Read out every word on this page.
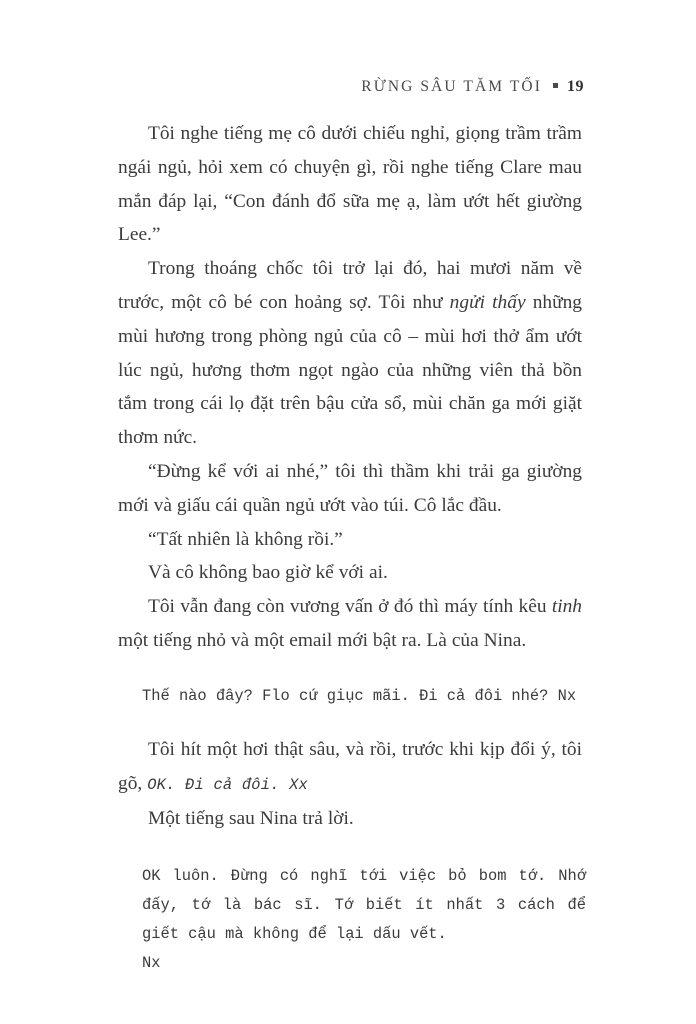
RỪNG SÂU TĂM TỐI 19

Tôi nghe tiếng mẹ cô dưới chiếu nghỉ, giọng trầm trầm ngái ngủ, hỏi xem có chuyện gì, rồi nghe tiếng Clare mau mắn đáp lại, “Con đánh đổ sữa mẹ ạ, làm ướt hết giường Lee.”

Trong thoáng chốc tôi trở lại đó, hai mươi năm về trước, một cô bé con hoảng sợ. Tôi như ngửi thấy những mùi hương trong phòng ngủ của cô – mùi hơi thở ẩm ướt lúc ngủ, hương thơm ngọt ngào của những viên thả bồn tắm trong cái lọ đặt trên bậu cửa sổ, mùi chăn ga mới giặt thơm nức.

“Đừng kể với ai nhé,” tôi thì thầm khi trải ga giường mới và giấu cái quần ngủ ướt vào túi. Cô lắc đầu.

“Tất nhiên là không rồi.”

Và cô không bao giờ kể với ai.

Tôi vẫn đang còn vương vấn ở đó thì máy tính kêu tinh một tiếng nhỏ và một email mới bật ra. Là của Nina.

Thế nào đây? Flo cứ giục mãi. Đi cả đôi nhé? Nx

Tôi hít một hơi thật sâu, và rồi, trước khi kịp đổi ý, tôi gõ, OK. Đi cả đôi. Xx

Một tiếng sau Nina trả lời.

OK luôn. Đừng có nghĩ tới việc bỏ bom tớ. Nhớ đấy, tớ là bác sĩ. Tớ biết ít nhất 3 cách để giết cậu mà không để lại dấu vết.
Nx
